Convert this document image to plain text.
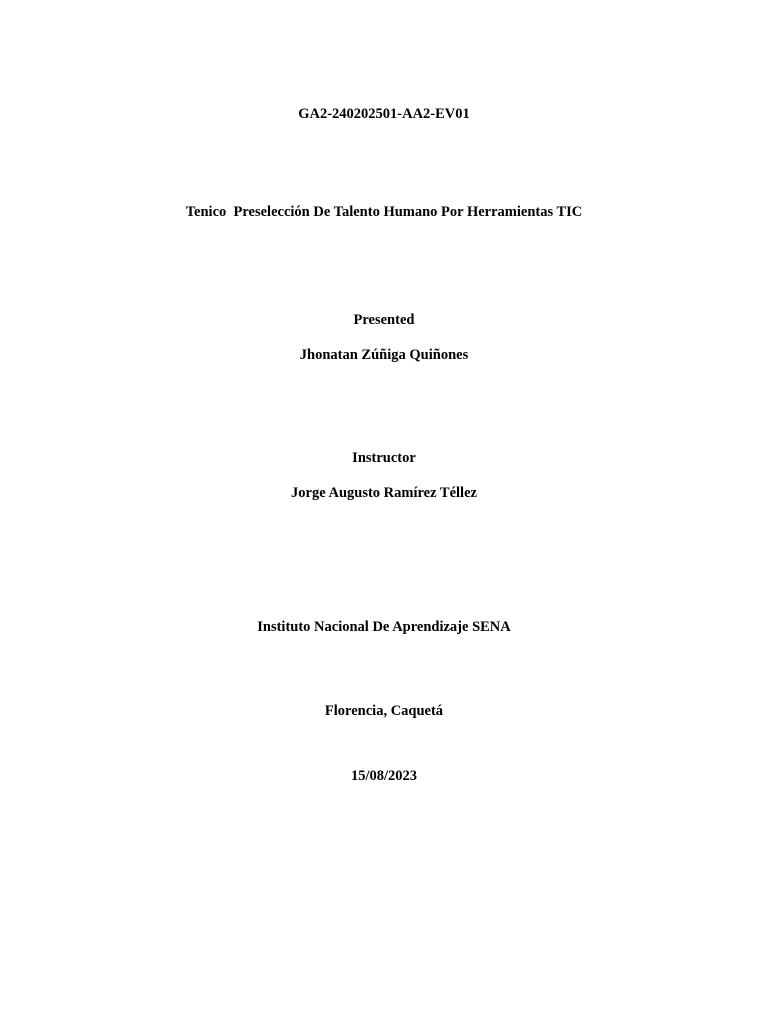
GA2-240202501-AA2-EV01
Tenico  Preselección De Talento Humano Por Herramientas TIC
Presented
Jhonatan Zúñiga Quiñones
Instructor
Jorge Augusto Ramírez Téllez
Instituto Nacional De Aprendizaje SENA
Florencia, Caquetá
15/08/2023
